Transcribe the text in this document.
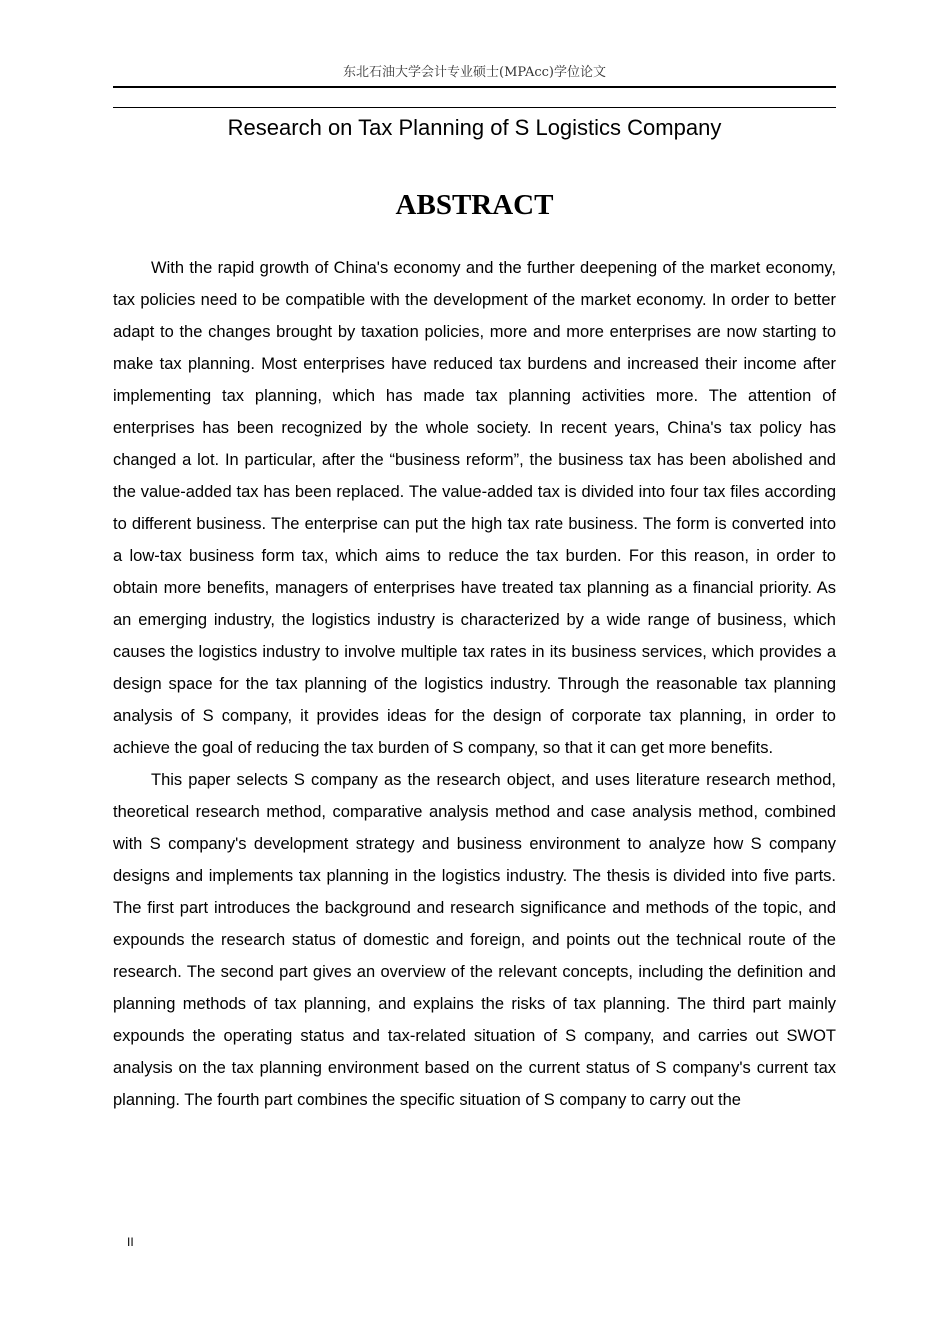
东北石油大学会计专业硕士(MPAcc)学位论文
Research on Tax Planning of S Logistics Company
ABSTRACT

With the rapid growth of China's economy and the further deepening of the market economy, tax policies need to be compatible with the development of the market economy. In order to better adapt to the changes brought by taxation policies, more and more enterprises are now starting to make tax planning. Most enterprises have reduced tax burdens and increased their income after implementing tax planning, which has made tax planning activities more. The attention of enterprises has been recognized by the whole society. In recent years, China's tax policy has changed a lot. In particular, after the “business reform”, the business tax has been abolished and the value-added tax has been replaced. The value-added tax is divided into four tax files according to different business. The enterprise can put the high tax rate business. The form is converted into a low-tax business form tax, which aims to reduce the tax burden. For this reason, in order to obtain more benefits, managers of enterprises have treated tax planning as a financial priority. As an emerging industry, the logistics industry is characterized by a wide range of business, which causes the logistics industry to involve multiple tax rates in its business services, which provides a design space for the tax planning of the logistics industry. Through the reasonable tax planning analysis of S company, it provides ideas for the design of corporate tax planning, in order to achieve the goal of reducing the tax burden of S company, so that it can get more benefits.

This paper selects S company as the research object, and uses literature research method, theoretical research method, comparative analysis method and case analysis method, combined with S company's development strategy and business environment to analyze how S company designs and implements tax planning in the logistics industry. The thesis is divided into five parts. The first part introduces the background and research significance and methods of the topic, and expounds the research status of domestic and foreign, and points out the technical route of the research. The second part gives an overview of the relevant concepts, including the definition and planning methods of tax planning, and explains the risks of tax planning. The third part mainly expounds the operating status and tax-related situation of S company, and carries out SWOT analysis on the tax planning environment based on the current status of S company's current tax planning. The fourth part combines the specific situation of S company to carry out the

II
